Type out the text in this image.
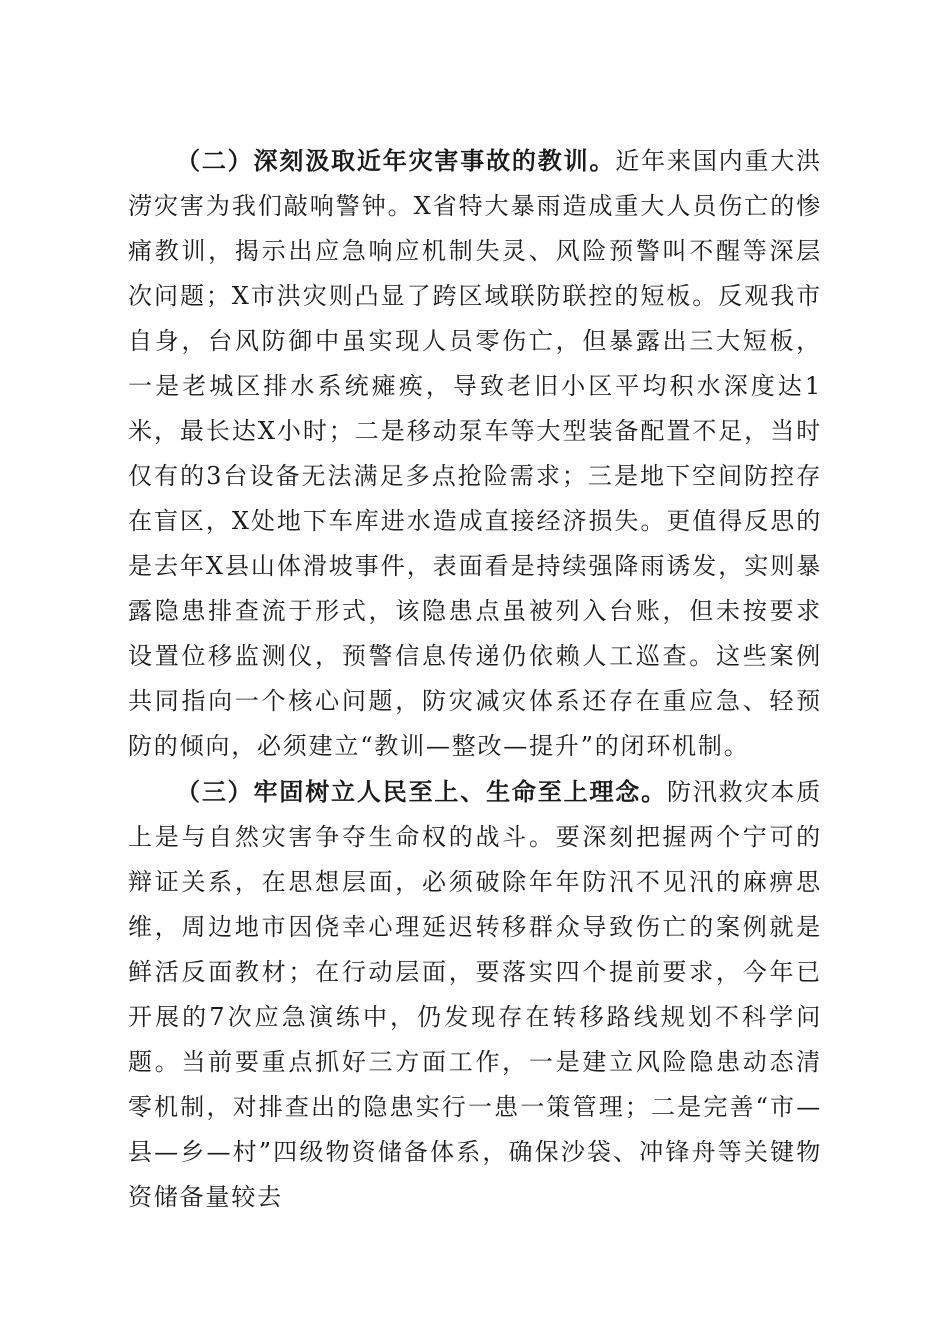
（二）深刻汲取近年灾害事故的教训。近年来国内重大洪涝灾害为我们敲响警钟。X省特大暴雨造成重大人员伤亡的惨痛教训，揭示出应急响应机制失灵、风险预警叫不醒等深层次问题；X市洪灾则凸显了跨区域联防联控的短板。反观我市自身，台风防御中虽实现人员零伤亡，但暴露出三大短板，一是老城区排水系统瘫痪，导致老旧小区平均积水深度达1米，最长达X小时；二是移动泵车等大型装备配置不足，当时仅有的3台设备无法满足多点抢险需求；三是地下空间防控存在盲区，X处地下车库进水造成直接经济损失。更值得反思的是去年X县山体滑坡事件，表面看是持续强降雨诱发，实则暴露隐患排查流于形式，该隐患点虽被列入台账，但未按要求设置位移监测仪，预警信息传递仍依赖人工巡查。这些案例共同指向一个核心问题，防灾减灾体系还存在重应急、轻预防的倾向，必须建立“教训—整改—提升”的闭环机制。

（三）牢固树立人民至上、生命至上理念。防汛救灾本质上是与自然灾害争夺生命权的战斗。要深刻把握两个宁可的辩证关系，在思想层面，必须破除年年防汛不见汛的麻痹思维，周边地市因侥幸心理延迟转移群众导致伤亡的案例就是鲜活反面教材；在行动层面，要落实四个提前要求，今年已开展的7次应急演练中，仍发现存在转移路线规划不科学问题。当前要重点抓好三方面工作，一是建立风险隐患动态清零机制，对排查出的隐患实行一患一策管理；二是完善“市—县—乡—村”四级物资储备体系，确保沙袋、冲锋舟等关键物资储备量较去
